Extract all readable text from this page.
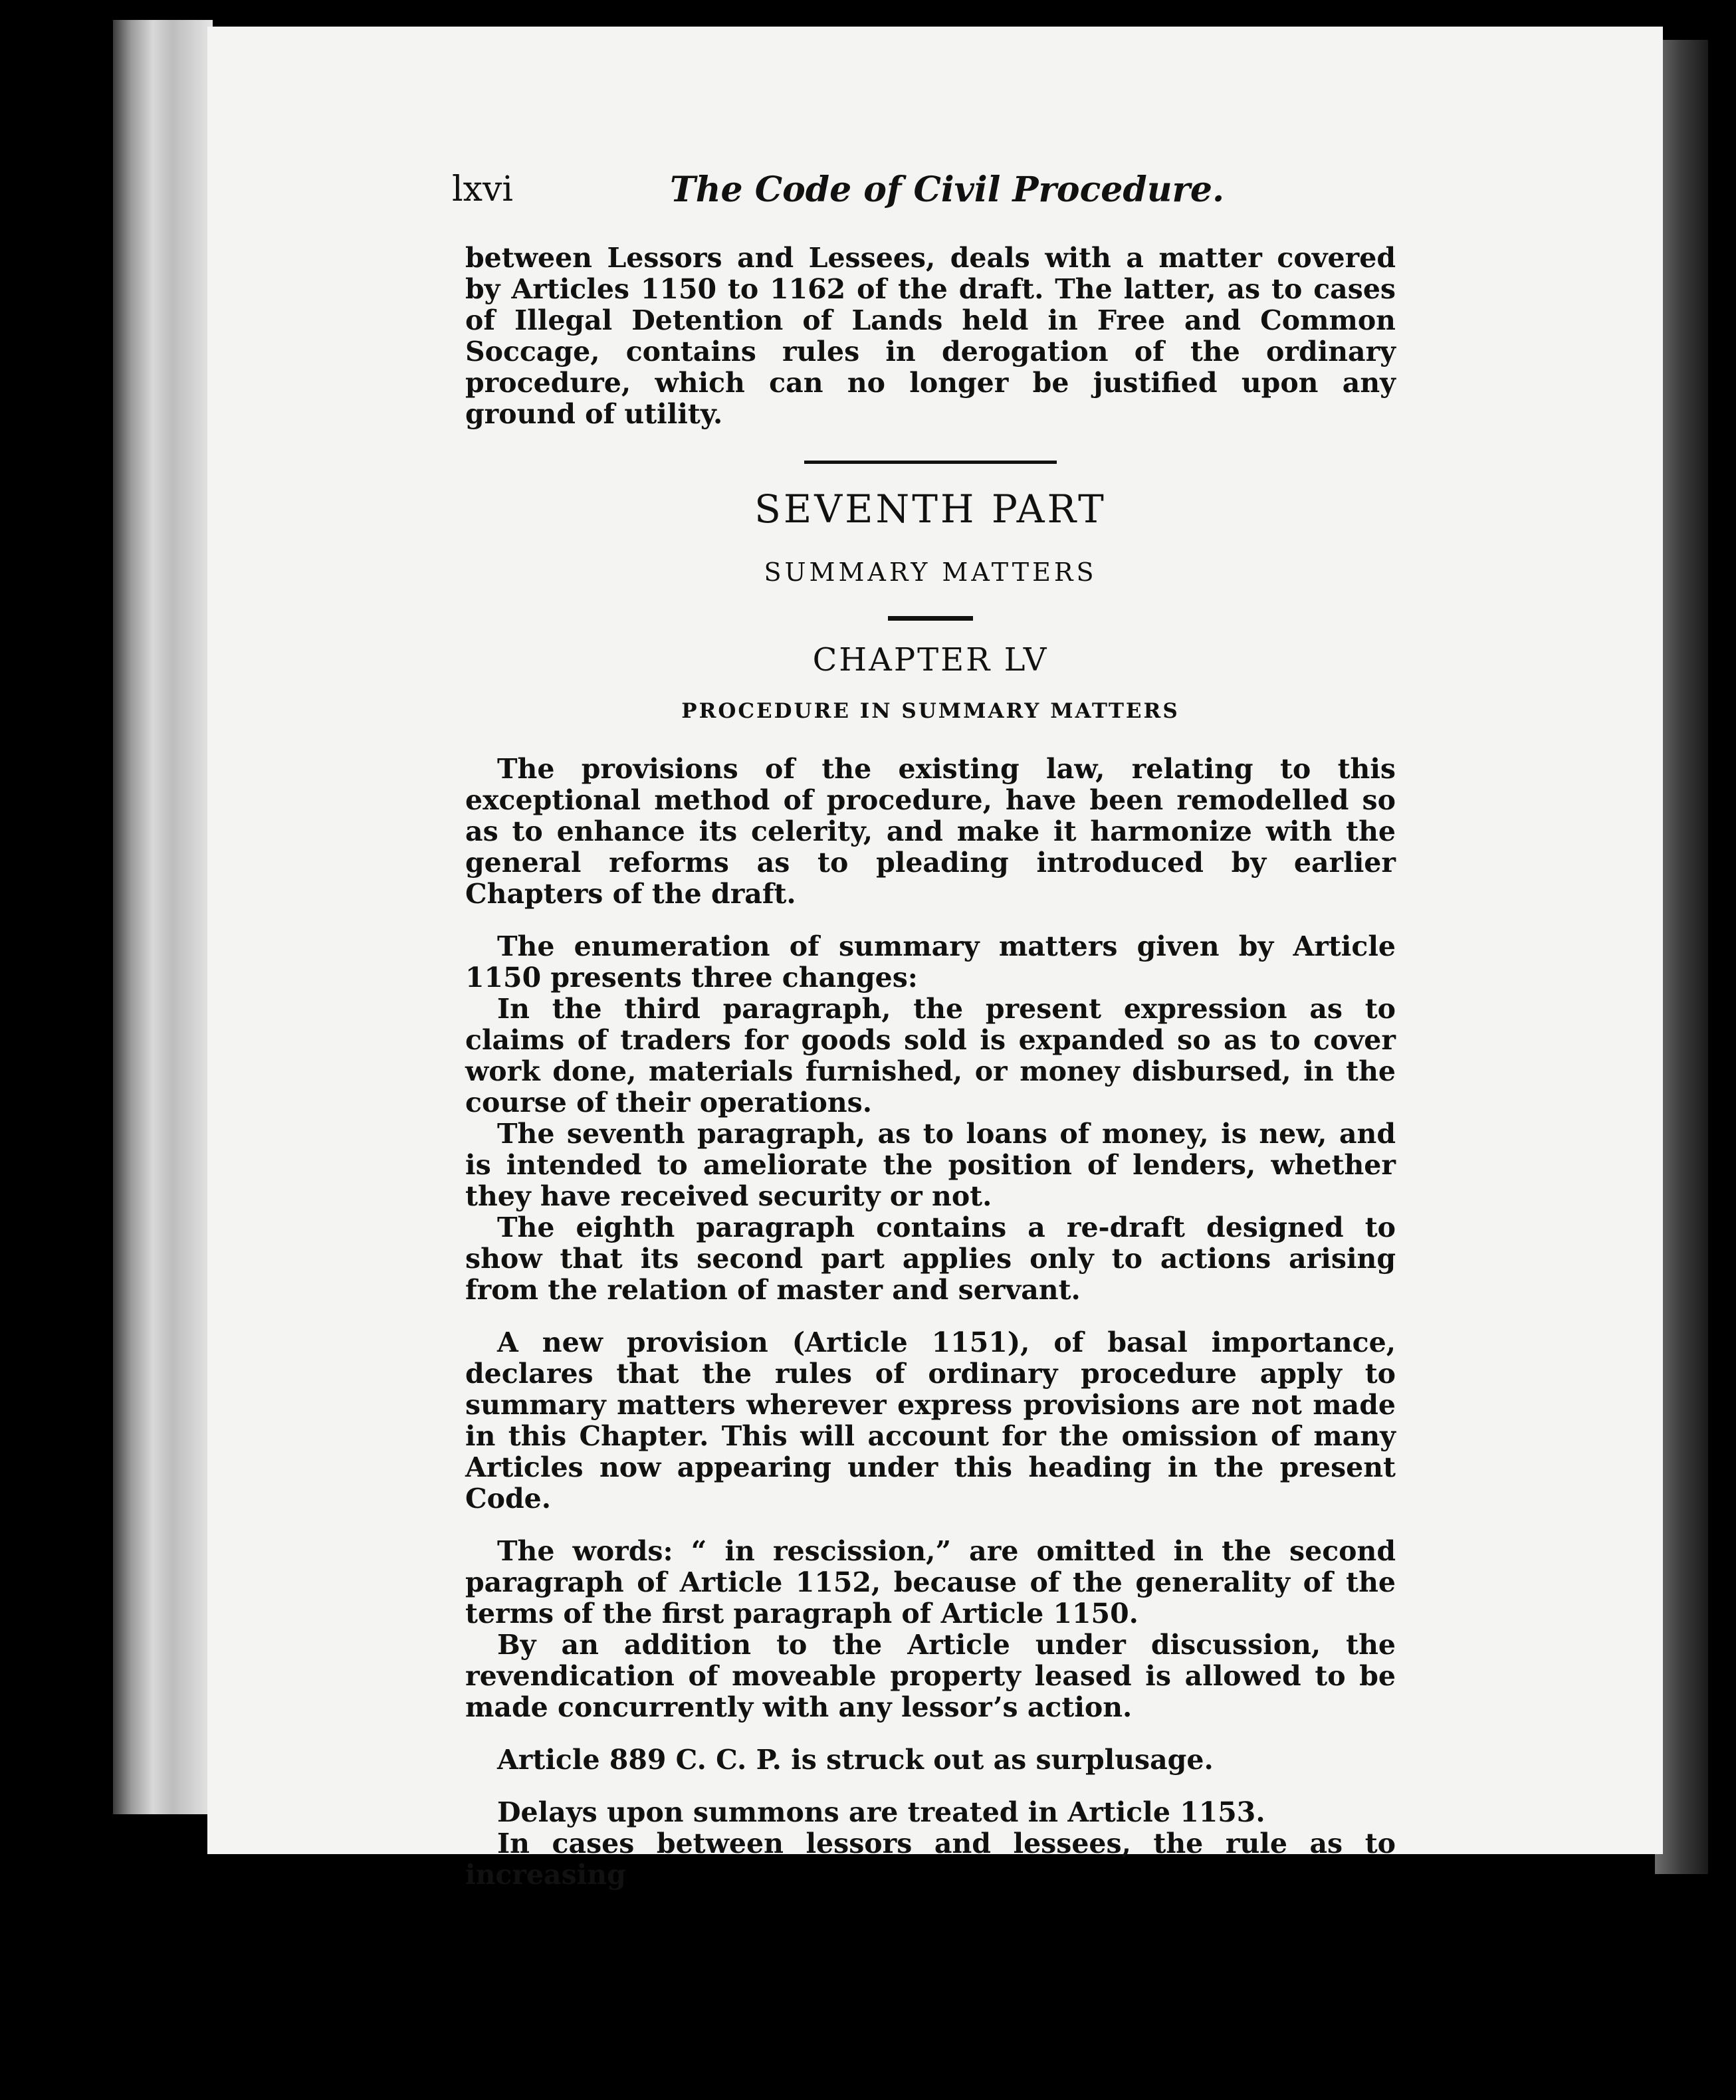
lxvi	The Code of Civil Procedure.

between Lessors and Lessees, deals with a matter covered by Articles 1150 to 1162 of the draft. The latter, as to cases of Illegal Detention of Lands held in Free and Common Soccage, contains rules in derogation of the ordinary procedure, which can no longer be justified upon any ground of utility.

SEVENTH PART

SUMMARY MATTERS

CHAPTER LV

PROCEDURE IN SUMMARY MATTERS

The provisions of the existing law, relating to this exceptional method of procedure, have been remodelled so as to enhance its celerity, and make it harmonize with the general reforms as to pleading introduced by earlier Chapters of the draft.

The enumeration of summary matters given by Article 1150 presents three changes:

In the third paragraph, the present expression as to claims of traders for goods sold is expanded so as to cover work done, materials furnished, or money disbursed, in the course of their operations.

The seventh paragraph, as to loans of money, is new, and is intended to ameliorate the position of lenders, whether they have received security or not.

The eighth paragraph contains a re-draft designed to show that its second part applies only to actions arising from the relation of master and servant.

A new provision (Article 1151), of basal importance, declares that the rules of ordinary procedure apply to summary matters wherever express provisions are not made in this Chapter. This will account for the omission of many Articles now appearing under this heading in the present Code.

The words: “ in rescission,” are omitted in the second paragraph of Article 1152, because of the generality of the terms of the first paragraph of Article 1150.

By an addition to the Article under discussion, the revendication of moveable property leased is allowed to be made concurrently with any lessor’s action.

Article 889 C. C. P. is struck out as surplusage.

Delays upon summons are treated in Article 1153.

In cases between lessors and lessees, the rule as to increasing
